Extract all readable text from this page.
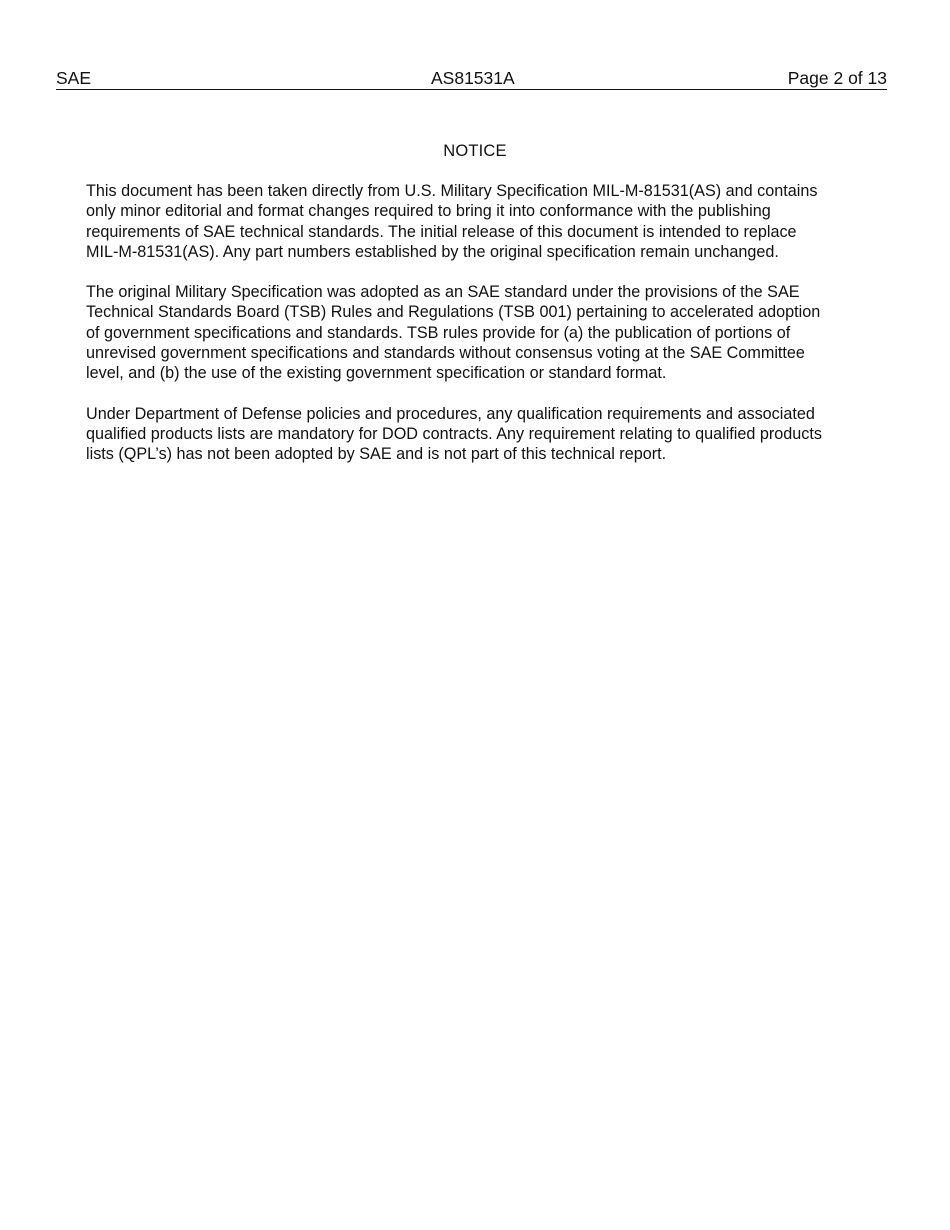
SAE	AS81531A	Page 2 of 13
NOTICE

This document has been taken directly from U.S. Military Specification MIL-M-81531(AS) and contains
only minor editorial and format changes required to bring it into conformance with the publishing
requirements of SAE technical standards. The initial release of this document is intended to replace
MIL-M-81531(AS). Any part numbers established by the original specification remain unchanged.

The original Military Specification was adopted as an SAE standard under the provisions of the SAE
Technical Standards Board (TSB) Rules and Regulations (TSB 001) pertaining to accelerated adoption
of government specifications and standards. TSB rules provide for (a) the publication of portions of
unrevised government specifications and standards without consensus voting at the SAE Committee
level, and (b) the use of the existing government specification or standard format.

Under Department of Defense policies and procedures, any qualification requirements and associated
qualified products lists are mandatory for DOD contracts. Any requirement relating to qualified products
lists (QPL’s) has not been adopted by SAE and is not part of this technical report.
